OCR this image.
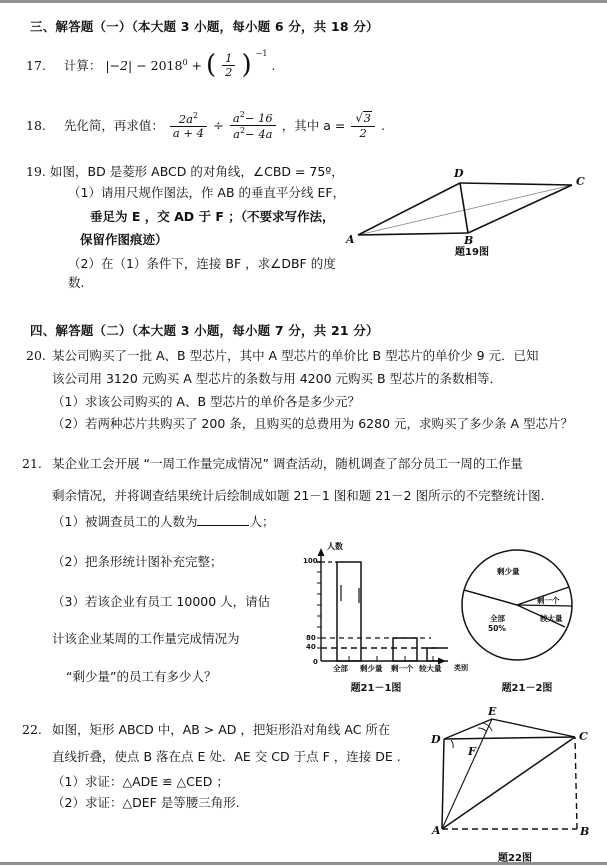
三、解答题（一）（本大题 3 小题，每小题 6 分，共 18 分）
17. 计算： $|-2| - 2018^0$ + ( $\frac{1}{2}$ ) $^{-1}$ .
18. 先化简，再求值： $\frac{2a^2}{a + 4} \div \frac{a^2- 16}{a^2- 4a}$ ，其中 $a = \frac{√3}{2}$ .
19. 如图，BD 是菱形 ABCD 的对角线，∠CBD = 75º，
（1）请用尺规作图法，作 AB 的垂直平分线 EF，
垂足为 E ，交 AD 于 F ；（不要求写作法，
保留作图痕迹）
（2）在（1）条件下，连接 BF ，求∠DBF 的度数.
A	B
C
D
题19图
四、解答题（二）（本大题 3 小题，每小题 7 分，共 21 分）
20. 某公司购买了一批 A、B 型芯片，其中 A 型芯片的单价比 B 型芯片的单价少 9 元．已知
该公司用 3120 元购买 A 型芯片的条数与用 4200 元购买 B 型芯片的条数相等．
（1）求该公司购买的 A、B 型芯片的单价各是多少元？
（2）若两种芯片共购买了 200 条，且购买的总费用为 6280 元，求购买了多少条 A 型芯片？
21. 某企业工会开展 “一周工作量完成情况” 调查活动，随机调查了部分员工一周的工作量
剩余情况，并将调查结果统计后绘制成如题 21－1 图和题 21－2 图所示的不完整统计图.
（1）被调查员工的人数为	人；
（2）把条形统计图补充完整；
（3）若该企业有员工 10000 人，请估
计该企业某周的工作量完成情况为
“剩少量”的员工有多少人？
人数
100
80
40
0
全部 剩少量 剩一个 较大量
题21－1图
类别
剩少量
剩一个
较大量
全部
50%
题21－2图
22. 如图，矩形 ABCD 中，AB > AD ，把矩形沿对角线 AC 所在
直线折叠，使点 B 落在点 E 处．AE 交 CD 于点 F ，连接 DE .
（1）求证：△ADE ≌ △CED ；
（2）求证：△DEF 是等腰三角形.
A	B
C
D
E
F
题22图
